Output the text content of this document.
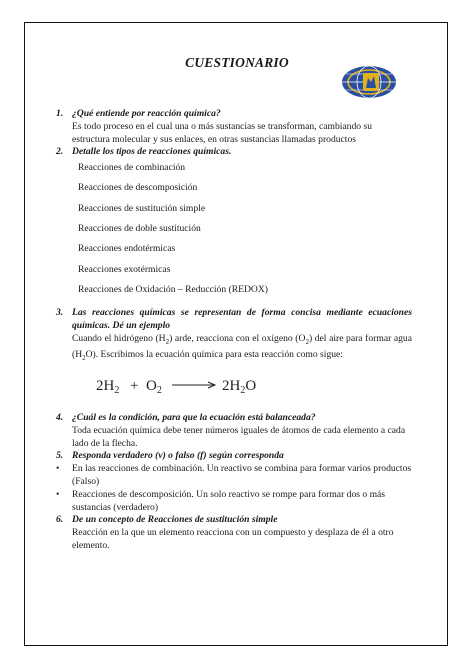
CUESTIONARIO
1. ¿Qué entiende por reacción química?

Es todo proceso en el cual una o más sustancias se transforman, cambiando su estructura molecular y sus enlaces, en otras sustancias llamadas productos

2. Detalle los tipos de reacciones químicas.
Reacciones de combinación
Reacciones de descomposición
Reacciones de sustitución simple
Reacciones de doble sustitución
Reacciones endotérmicas
Reacciones exotérmicas
Reacciones de Oxidación – Reducción (REDOX)
3. Las reacciones químicas se representan de forma concisa mediante ecuaciones químicas. Dé un ejemplo

Cuando el hidrógeno $(H_2)$ arde, reacciona con el oxígeno $(O_2)$ del aire para formar agua $(H_2O)$. Escribimos la ecuación química para esta reacción como sigue:

$2H_2 + O_2$	$2H_2O$
4. ¿Cuál es la condición, para que la ecuación está balanceada?

Toda ecuación química debe tener números iguales de átomos de cada elemento a cada lado de la flecha.

5. Responda verdadero (v) o falso (f) según corresponda
• En las reacciones de combinación. Un reactivo se combina para formar varios productos (Falso)

• Reacciones de descomposición. Un solo reactivo se rompe para formar dos o más sustancias (verdadero)

6. De un concepto de Reacciones de sustitución simple

Reacción en la que un elemento reacciona con un compuesto y desplaza de él a otro elemento.
